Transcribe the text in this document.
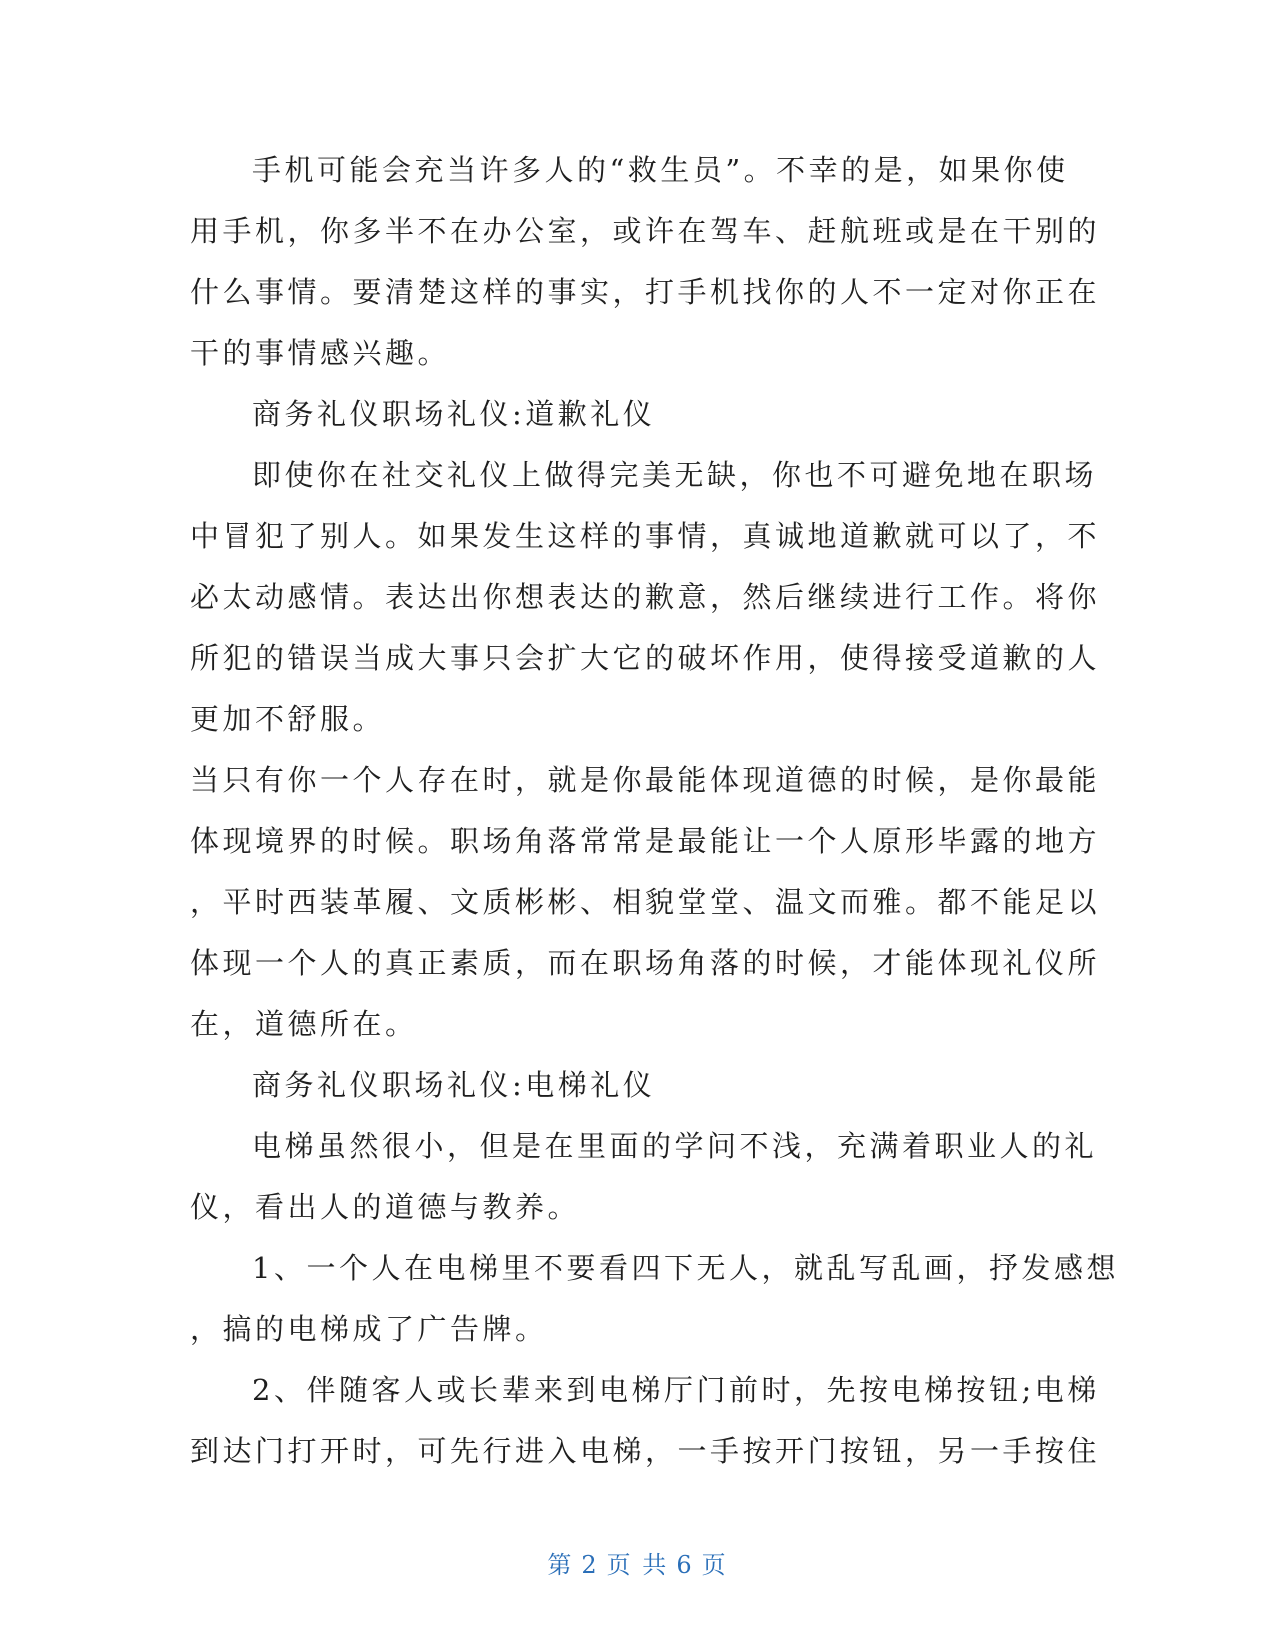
手机可能会充当许多人的“救生员”。不幸的是，如果你使
用手机，你多半不在办公室，或许在驾车、赶航班或是在干别的
什么事情。要清楚这样的事实，打手机找你的人不一定对你正在
干的事情感兴趣。
商务礼仪职场礼仪:道歉礼仪
即使你在社交礼仪上做得完美无缺，你也不可避免地在职场
中冒犯了别人。如果发生这样的事情，真诚地道歉就可以了，不
必太动感情。表达出你想表达的歉意，然后继续进行工作。将你
所犯的错误当成大事只会扩大它的破坏作用，使得接受道歉的人
更加不舒服。
当只有你一个人存在时，就是你最能体现道德的时候，是你最能
体现境界的时候。职场角落常常是最能让一个人原形毕露的地方
，平时西装革履、文质彬彬、相貌堂堂、温文而雅。都不能足以
体现一个人的真正素质，而在职场角落的时候，才能体现礼仪所
在，道德所在。
商务礼仪职场礼仪:电梯礼仪
电梯虽然很小，但是在里面的学问不浅，充满着职业人的礼
仪，看出人的道德与教养。
1、一个人在电梯里不要看四下无人，就乱写乱画，抒发感想
，搞的电梯成了广告牌。
2、伴随客人或长辈来到电梯厅门前时，先按电梯按钮;电梯
到达门打开时，可先行进入电梯，一手按开门按钮，另一手按住
第 2 页 共 6 页
